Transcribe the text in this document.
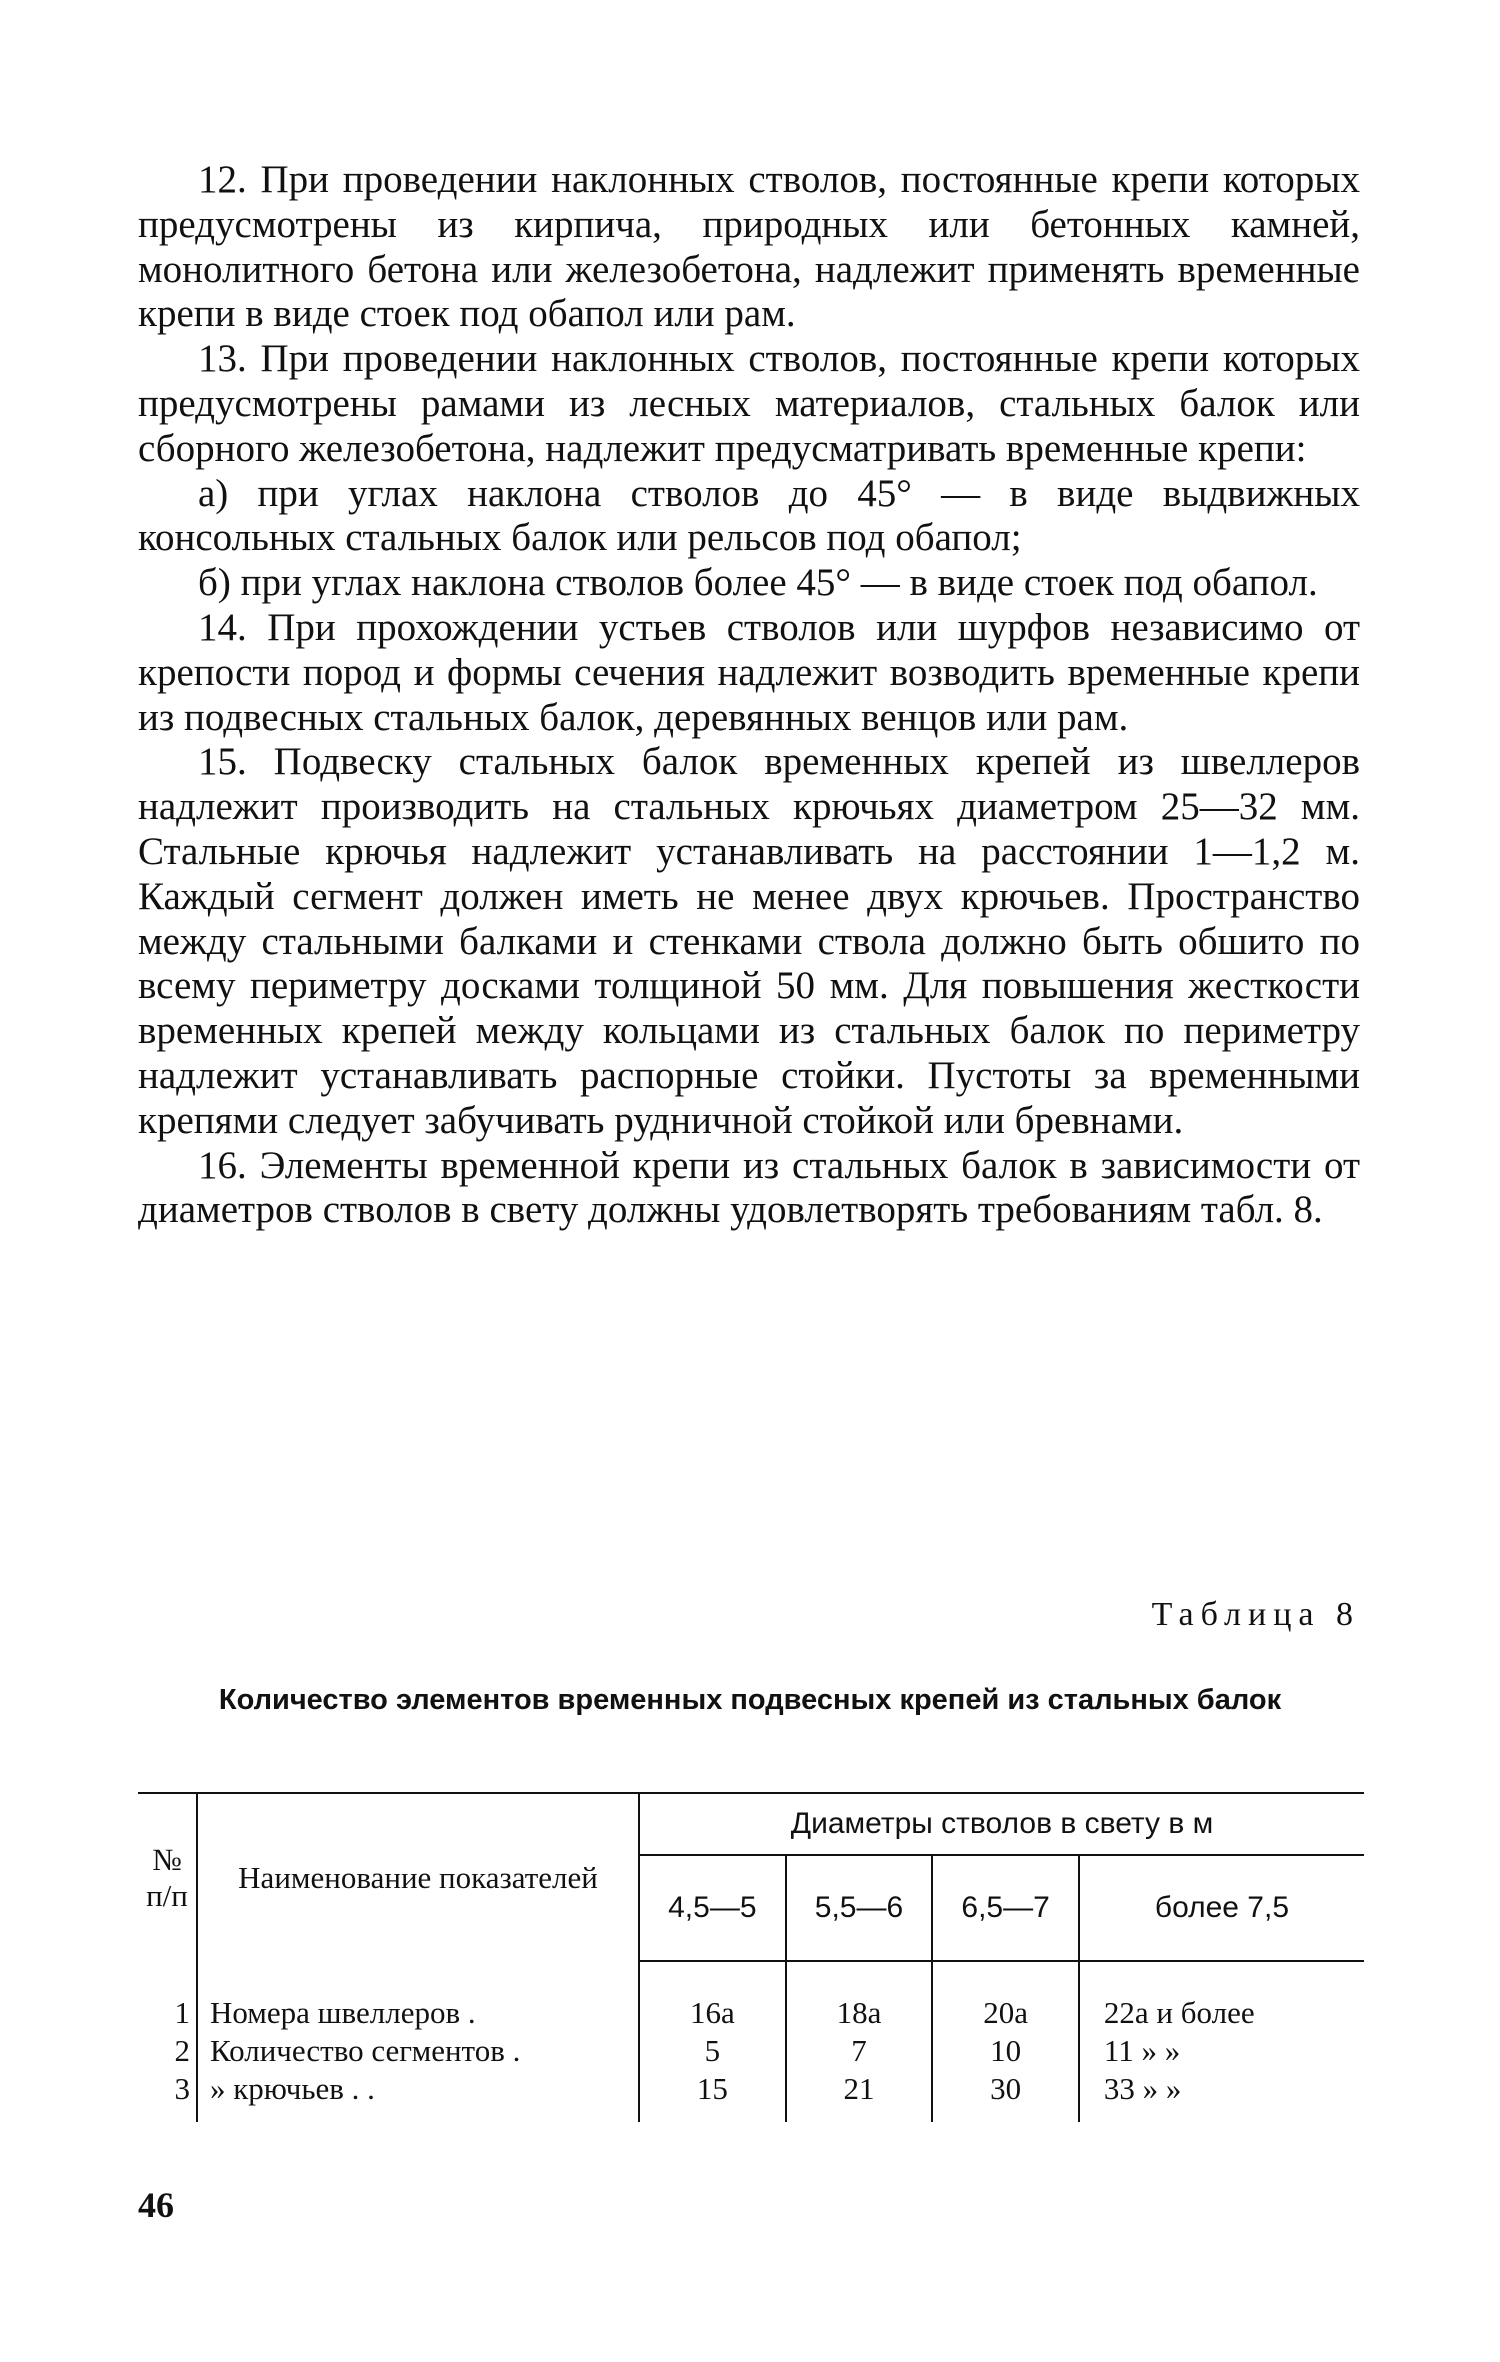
12. При проведении наклонных стволов, постоянные крепи которых предусмотрены из кирпича, природных или бетонных камней, монолитного бетона или железобетона, надлежит применять временные крепи в виде стоек под обапол или рам.

13. При проведении наклонных стволов, постоянные крепи которых предусмотрены рамами из лесных материалов, стальных балок или сборного железобетона, надлежит предусматривать временные крепи:

а) при углах наклона стволов до 45° — в виде выдвижных консольных стальных балок или рельсов под обапол;

б) при углах наклона стволов более 45° — в виде стоек под обапол.

14. При прохождении устьев стволов или шурфов независимо от крепости пород и формы сечения надлежит возводить временные крепи из подвесных стальных балок, деревянных венцов или рам.

15. Подвеску стальных балок временных крепей из швеллеров надлежит производить на стальных крючьях диаметром 25—32 мм. Стальные крючья надлежит устанавливать на расстоянии 1—1,2 м. Каждый сегмент должен иметь не менее двух крючьев. Пространство между стальными балками и стенками ствола должно быть обшито по всему периметру досками толщиной 50 мм. Для повышения жесткости временных крепей между кольцами из стальных балок по периметру надлежит устанавливать распорные стойки. Пустоты за временными крепями следует забучивать рудничной стойкой или бревнами.

16. Элементы временной крепи из стальных балок в зависимости от диаметров стволов в свету должны удовлетворять требованиям табл. 8.

Таблица 8
Количество элементов временных подвесных крепей из стальных балок
№ п/п	Наименование показателей	Диаметры стволов в свету в м			
		4,5—5	5,5—6	6,5—7	более 7,5
1	Номера швеллеров .	16а	18а	20а	22а и более
2	Количество сегментов .	5	7	10	11 » »
3	» крючьев . .	15	21	30	33 » »
46
